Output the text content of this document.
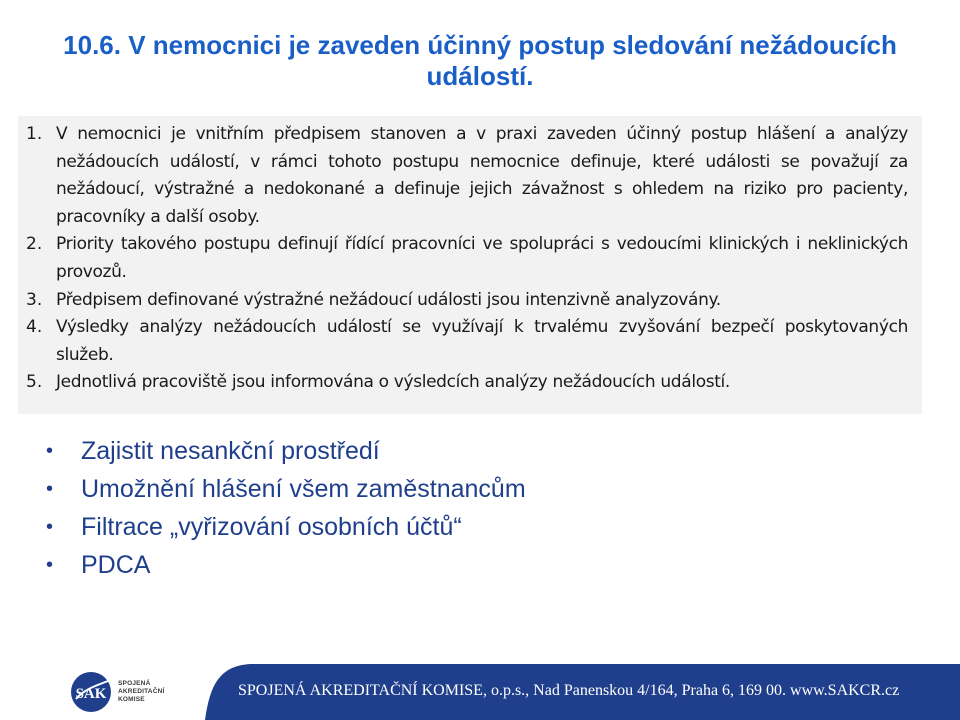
10.6. V nemocnici je zaveden účinný postup sledování nežádoucích událostí.
1. V nemocnici je vnitřním předpisem stanoven a v praxi zaveden účinný postup hlášení a analýzy nežádoucích událostí, v rámci tohoto postupu nemocnice definuje, které události se považují za nežádoucí, výstražné a nedokonané a definuje jejich závažnost s ohledem na riziko pro pacienty, pracovníky a další osoby.
2. Priority takového postupu definují řídící pracovníci ve spolupráci s vedoucími klinických i neklinických provozů.
3. Předpisem definované výstražné nežádoucí události jsou intenzivně analyzovány.
4. Výsledky analýzy nežádoucích událostí se využívají k trvalému zvyšování bezpečí poskytovaných služeb.
5. Jednotlivá pracoviště jsou informována o výsledcích analýzy nežádoucích událostí.
•	Zajistit nesankční prostředí
•	Umožnění hlášení všem zaměstnancům
•	Filtrace „vyřizování osobních účtů“
•	PDCA
SAK
SPOJENÁ
AKREDITAČNÍ
KOMISE
SPOJENÁ AKREDITAČNÍ KOMISE, o.p.s., Nad Panenskou 4/164, Praha 6, 169 00. www.SAKCR.cz
